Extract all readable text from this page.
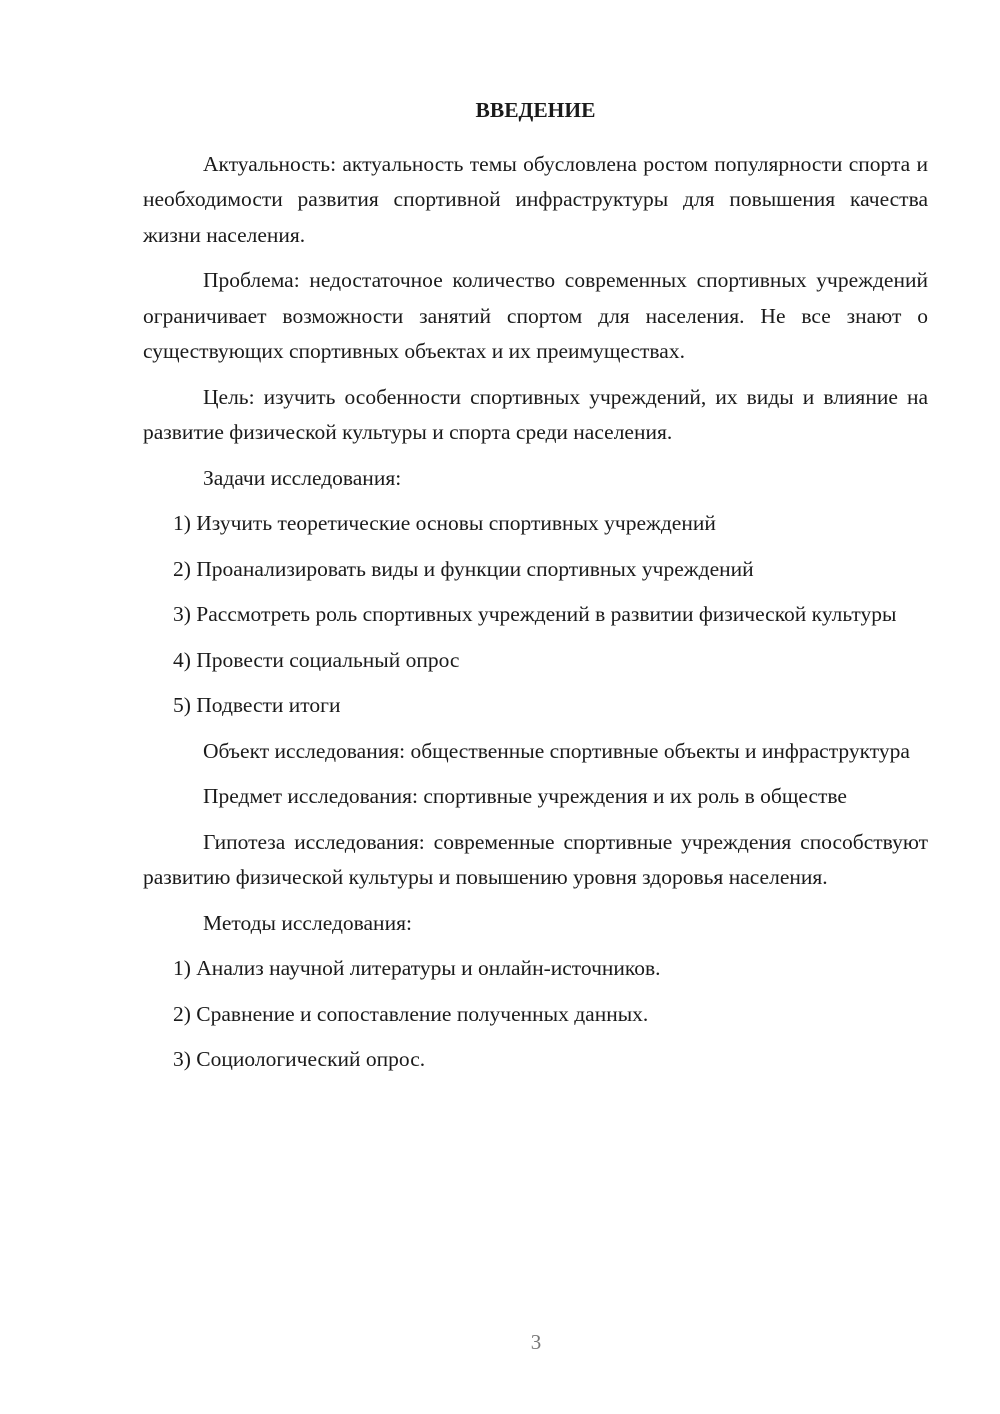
ВВЕДЕНИЕ

Актуальность: актуальность темы обусловлена ростом популярности спорта и необходимости развития спортивной инфраструктуры для повышения качества жизни населения.

Проблема: недостаточное количество современных спортивных учреждений ограничивает возможности занятий спортом для населения. Не все знают о существующих спортивных объектах и их преимуществах.

Цель: изучить особенности спортивных учреждений, их виды и влияние на развитие физической культуры и спорта среди населения.

Задачи исследования:

1) Изучить теоретические основы спортивных учреждений

2) Проанализировать виды и функции спортивных учреждений

3) Рассмотреть роль спортивных учреждений в развитии физической культуры

4) Провести социальный опрос

5) Подвести итоги

Объект исследования: общественные спортивные объекты и инфраструктура

Предмет исследования: спортивные учреждения и их роль в обществе

Гипотеза исследования: современные спортивные учреждения способствуют развитию физической культуры и повышению уровня здоровья населения.

Методы исследования:

1) Анализ научной литературы и онлайн-источников.

2) Сравнение и сопоставление полученных данных.

3) Социологический опрос.

3
